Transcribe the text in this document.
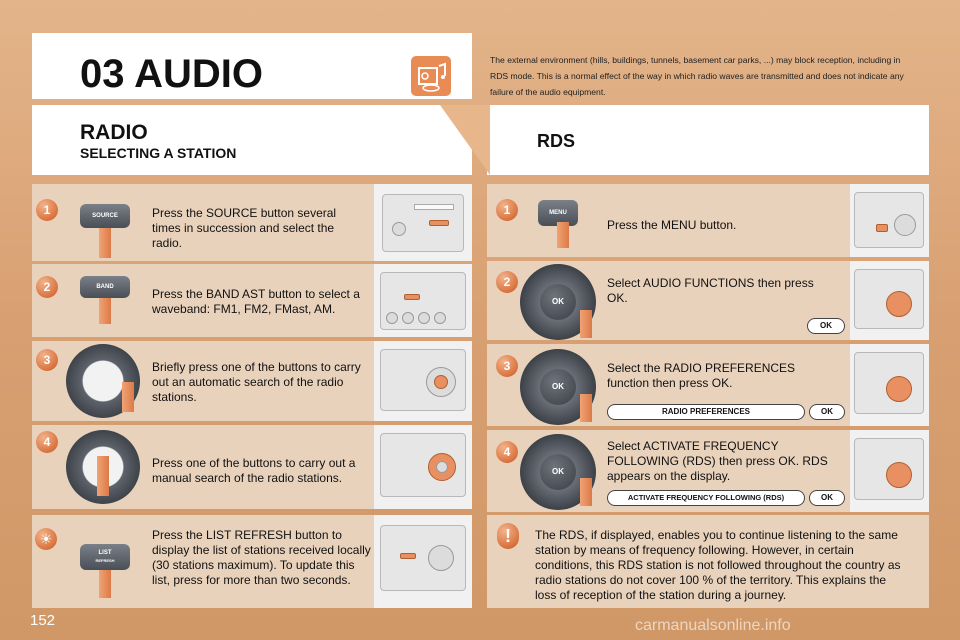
03 AUDIO	The external environment (hills, buildings, tunnels, basement car parks, ...) may block reception, including in RDS mode. This is a normal effect of the way in which radio waves are transmitted and does not indicate any failure of the audio equipment.
RADIO
SELECTING A STATION
RDS
1	SOURCE	Press the SOURCE button several times in succession and select the radio.
2	BAND	Press the BAND AST button to select a waveband: FM1, FM2, FMast, AM.
3	Briefly press one of the buttons to carry out an automatic search of the radio stations.
4
Press one of the buttons to carry out a manual search of the radio stations.
☀
LIST
REFRESH
Press the LIST REFRESH button to display the list of stations received locally (30 stations maximum). To update this list, press for more than two seconds.
1	MENU
Press the MENU button.
2
OK
Select AUDIO FUNCTIONS then press OK.
OK
3
OK
Select the RADIO PREFERENCES function then press OK.
RADIO PREFERENCES	OK
4
OK
Select ACTIVATE FREQUENCY FOLLOWING (RDS) then press OK. RDS appears on the display.
ACTIVATE FREQUENCY FOLLOWING (RDS)	OK
!	The RDS, if displayed, enables you to continue listening to the same station by means of frequency following. However, in certain conditions, this RDS station is not followed throughout the country as radio stations do not cover 100 % of the territory. This explains the loss of reception of the station during a journey.
152	carmanualsonline.info
